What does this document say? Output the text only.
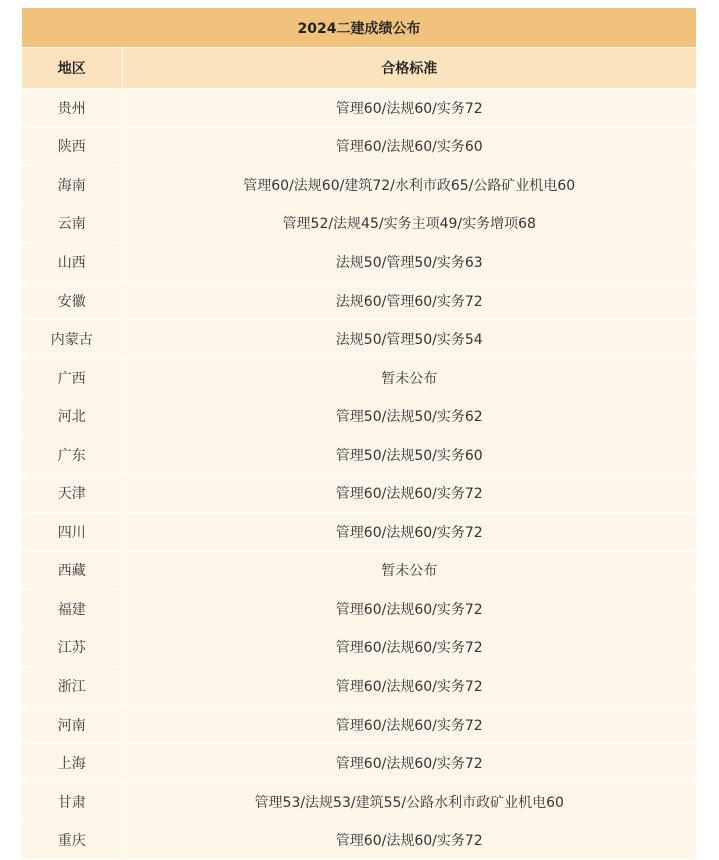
2024二建成绩公布	
地区	合格标准
贵州	管理60/法规60/实务72
陕西	管理60/法规60/实务60
海南	管理60/法规60/建筑72/水利市政65/公路矿业机电60
云南	管理52/法规45/实务主项49/实务增项68
山西	法规50/管理50/实务63
安徽	法规60/管理60/实务72
内蒙古	法规50/管理50/实务54
广西	暂未公布
河北	管理50/法规50/实务62
广东	管理50/法规50/实务60
天津	管理60/法规60/实务72
四川	管理60/法规60/实务72
西藏	暂未公布
福建	管理60/法规60/实务72
江苏	管理60/法规60/实务72
浙江	管理60/法规60/实务72
河南	管理60/法规60/实务72
上海	管理60/法规60/实务72
甘肃	管理53/法规53/建筑55/公路水利市政矿业机电60
重庆	管理60/法规60/实务72
